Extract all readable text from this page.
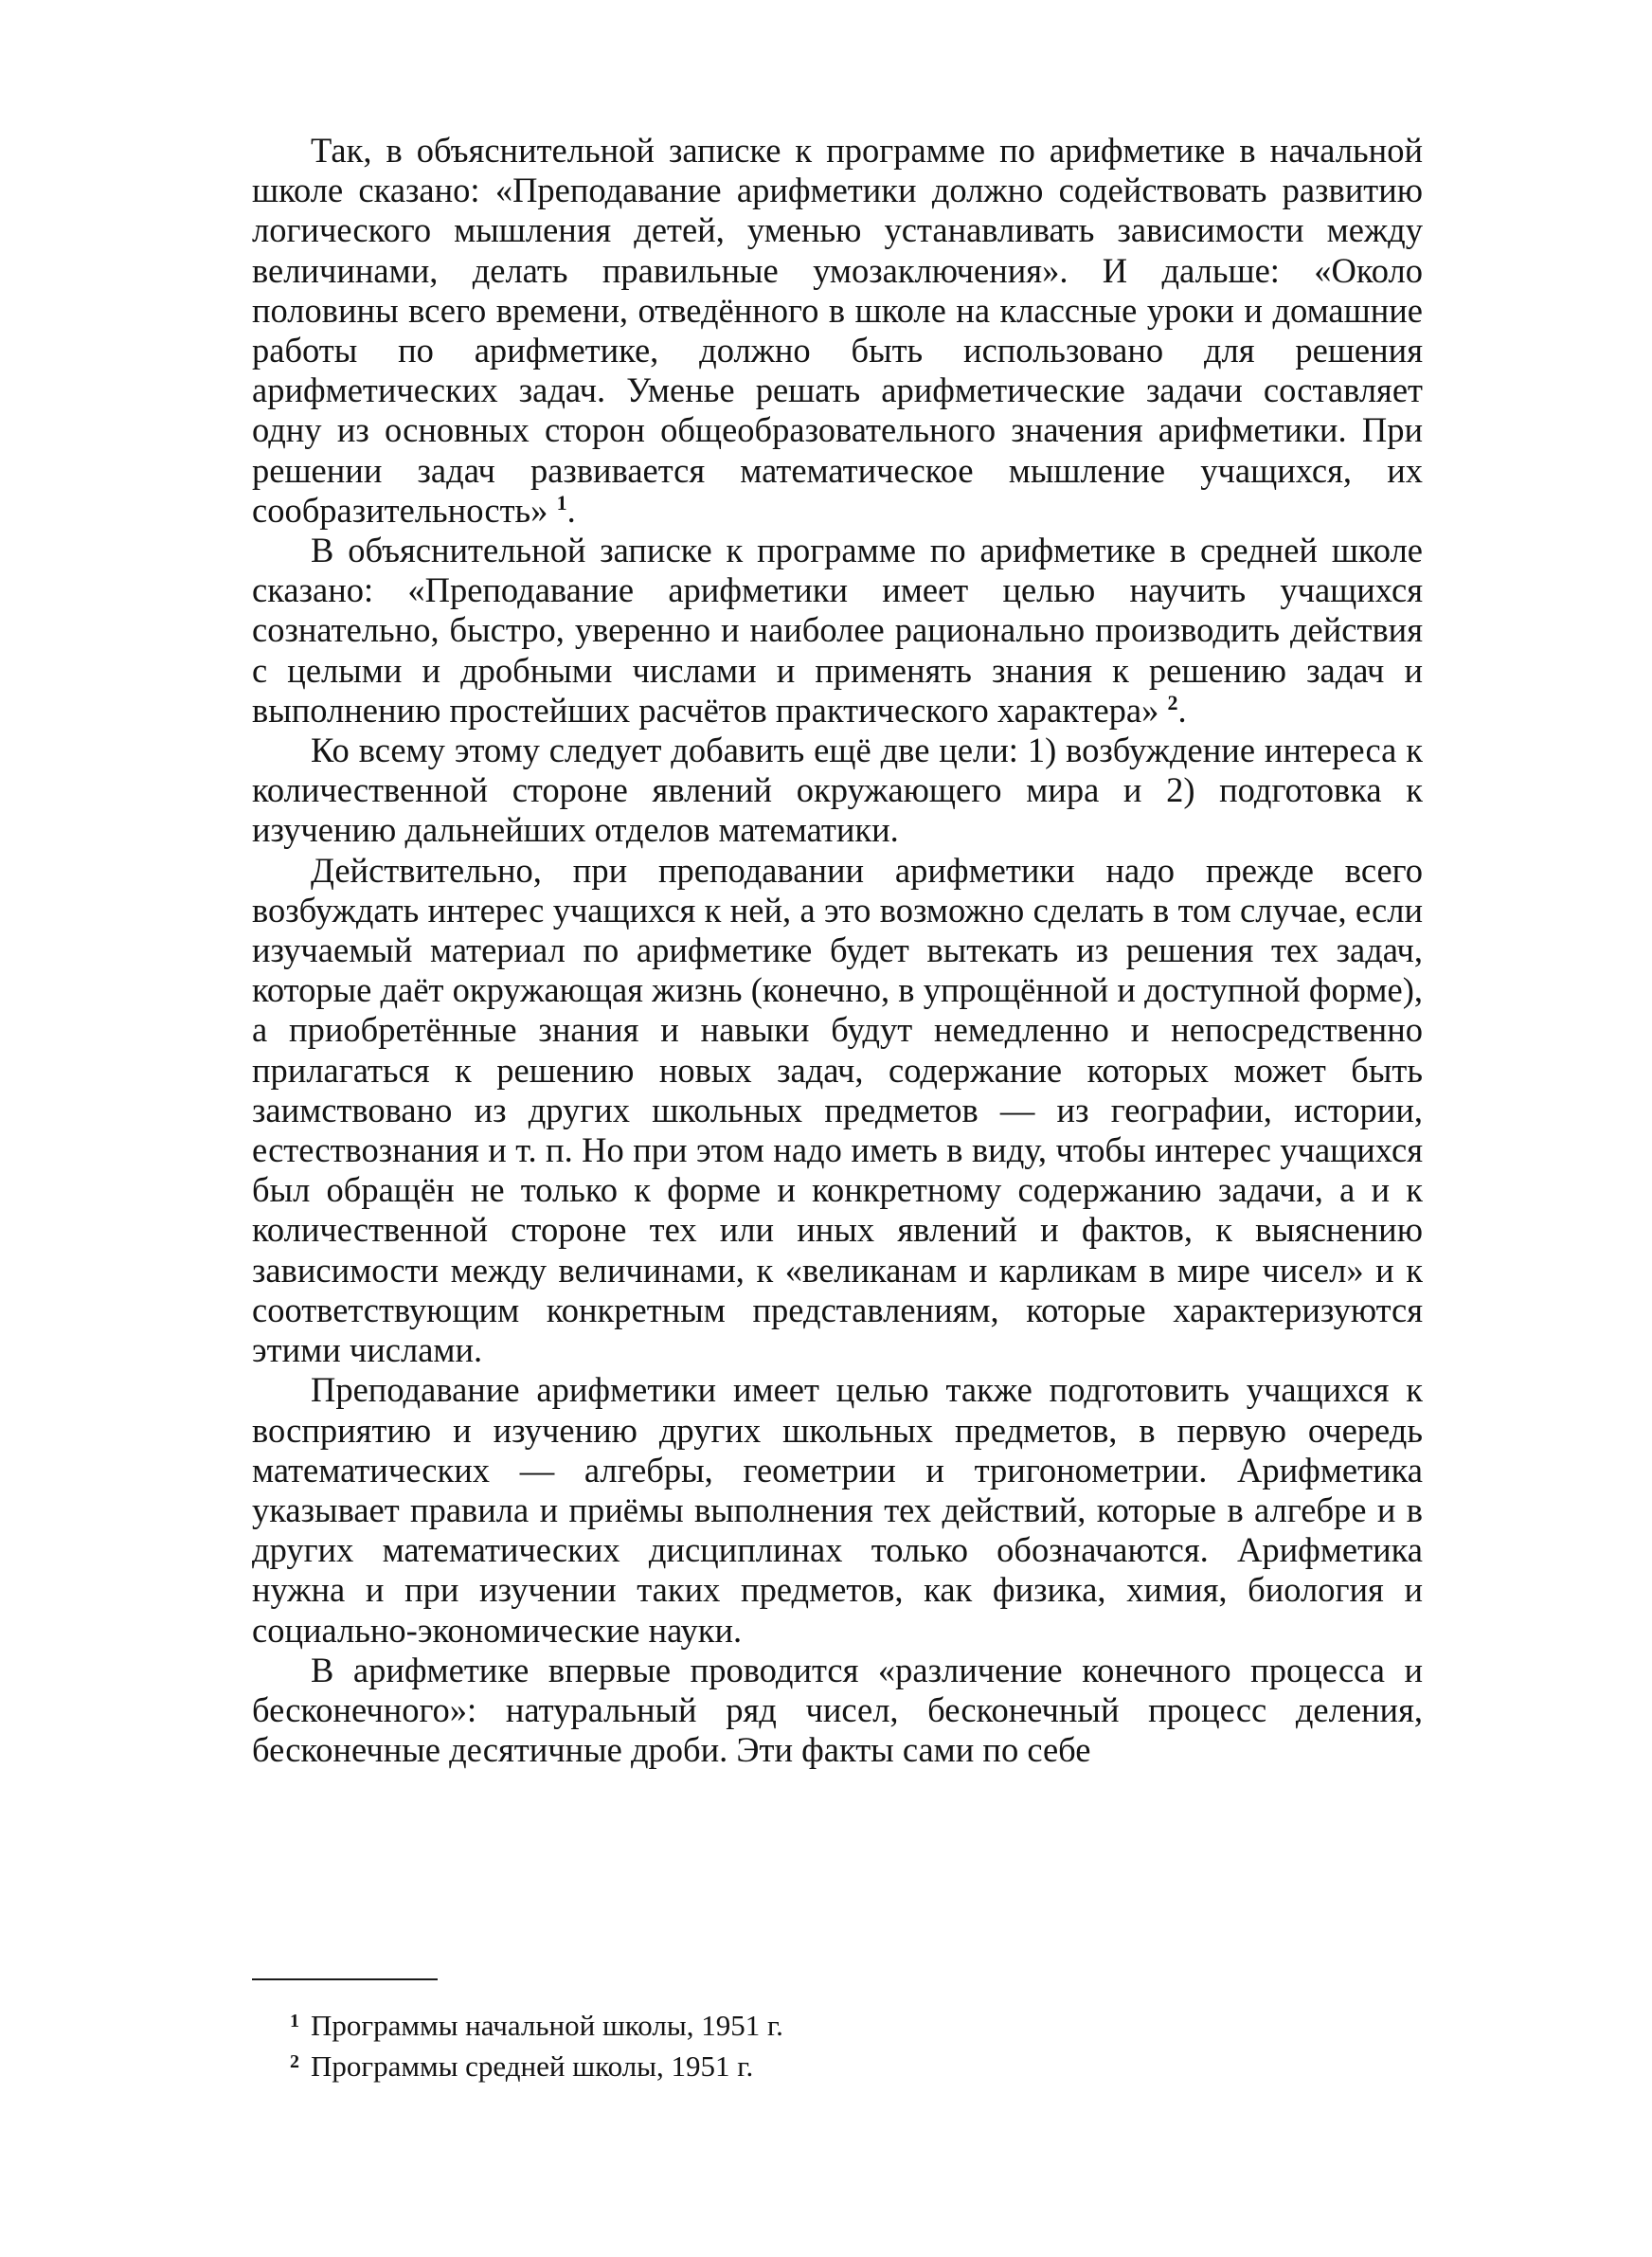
Так, в объяснительной записке к программе по арифметике в начальной школе сказано: «Преподавание арифметики должно содействовать развитию логического мышления детей, уменью устанавливать зависимости между величинами, делать правильные умозаключения». И дальше: «Около половины всего времени, отведённого в школе на классные уроки и домашние работы по арифметике, должно быть использовано для решения арифметических задач. Уменье решать арифметические задачи составляет одну из основных сторон общеобразовательного значения арифметики. При решении задач развивается математическое мышление учащихся, их сообразительность» $^1$.

В объяснительной записке к программе по арифметике в средней школе сказано: «Преподавание арифметики имеет целью научить учащихся сознательно, быстро, уверенно и наиболее рационально производить действия с целыми и дробными числами и применять знания к решению задач и выполнению простейших расчётов практического характера» $^2$.

Ко всему этому следует добавить ещё две цели: 1) возбуждение интереса к количественной стороне явлений окружающего мира и 2) подготовка к изучению дальнейших отделов математики.

Действительно, при преподавании арифметики надо прежде всего возбуждать интерес учащихся к ней, а это возможно сделать в том случае, если изучаемый материал по арифметике будет вытекать из решения тех задач, которые даёт окружающая жизнь (конечно, в упрощённой и доступной форме), а приобретённые знания и навыки будут немедленно и непосредственно прилагаться к решению новых задач, содержание которых может быть заимствовано из других школьных предметов — из географии, истории, естествознания и т. п. Но при этом надо иметь в виду, чтобы интерес учащихся был обращён не только к форме и конкретному содержанию задачи, а и к количественной стороне тех или иных явлений и фактов, к выяснению зависимости между величинами, к «великанам и карликам в мире чисел» и к соответствующим конкретным представлениям, которые характеризуются этими числами.

Преподавание арифметики имеет целью также подготовить учащихся к восприятию и изучению других школьных предметов, в первую очередь математических — алгебры, геометрии и тригонометрии. Арифметика указывает правила и приёмы выполнения тех действий, которые в алгебре и в других математических дисциплинах только обозначаются. Арифметика нужна и при изучении таких предметов, как физика, химия, биология и социально-экономические науки.

В арифметике впервые проводится «различение конечного процесса и бесконечного»: натуральный ряд чисел, бесконечный процесс деления, бесконечные десятичные дроби. Эти факты сами по себе

1 Программы начальной школы, 1951 г.

2 Программы средней школы, 1951 г.
